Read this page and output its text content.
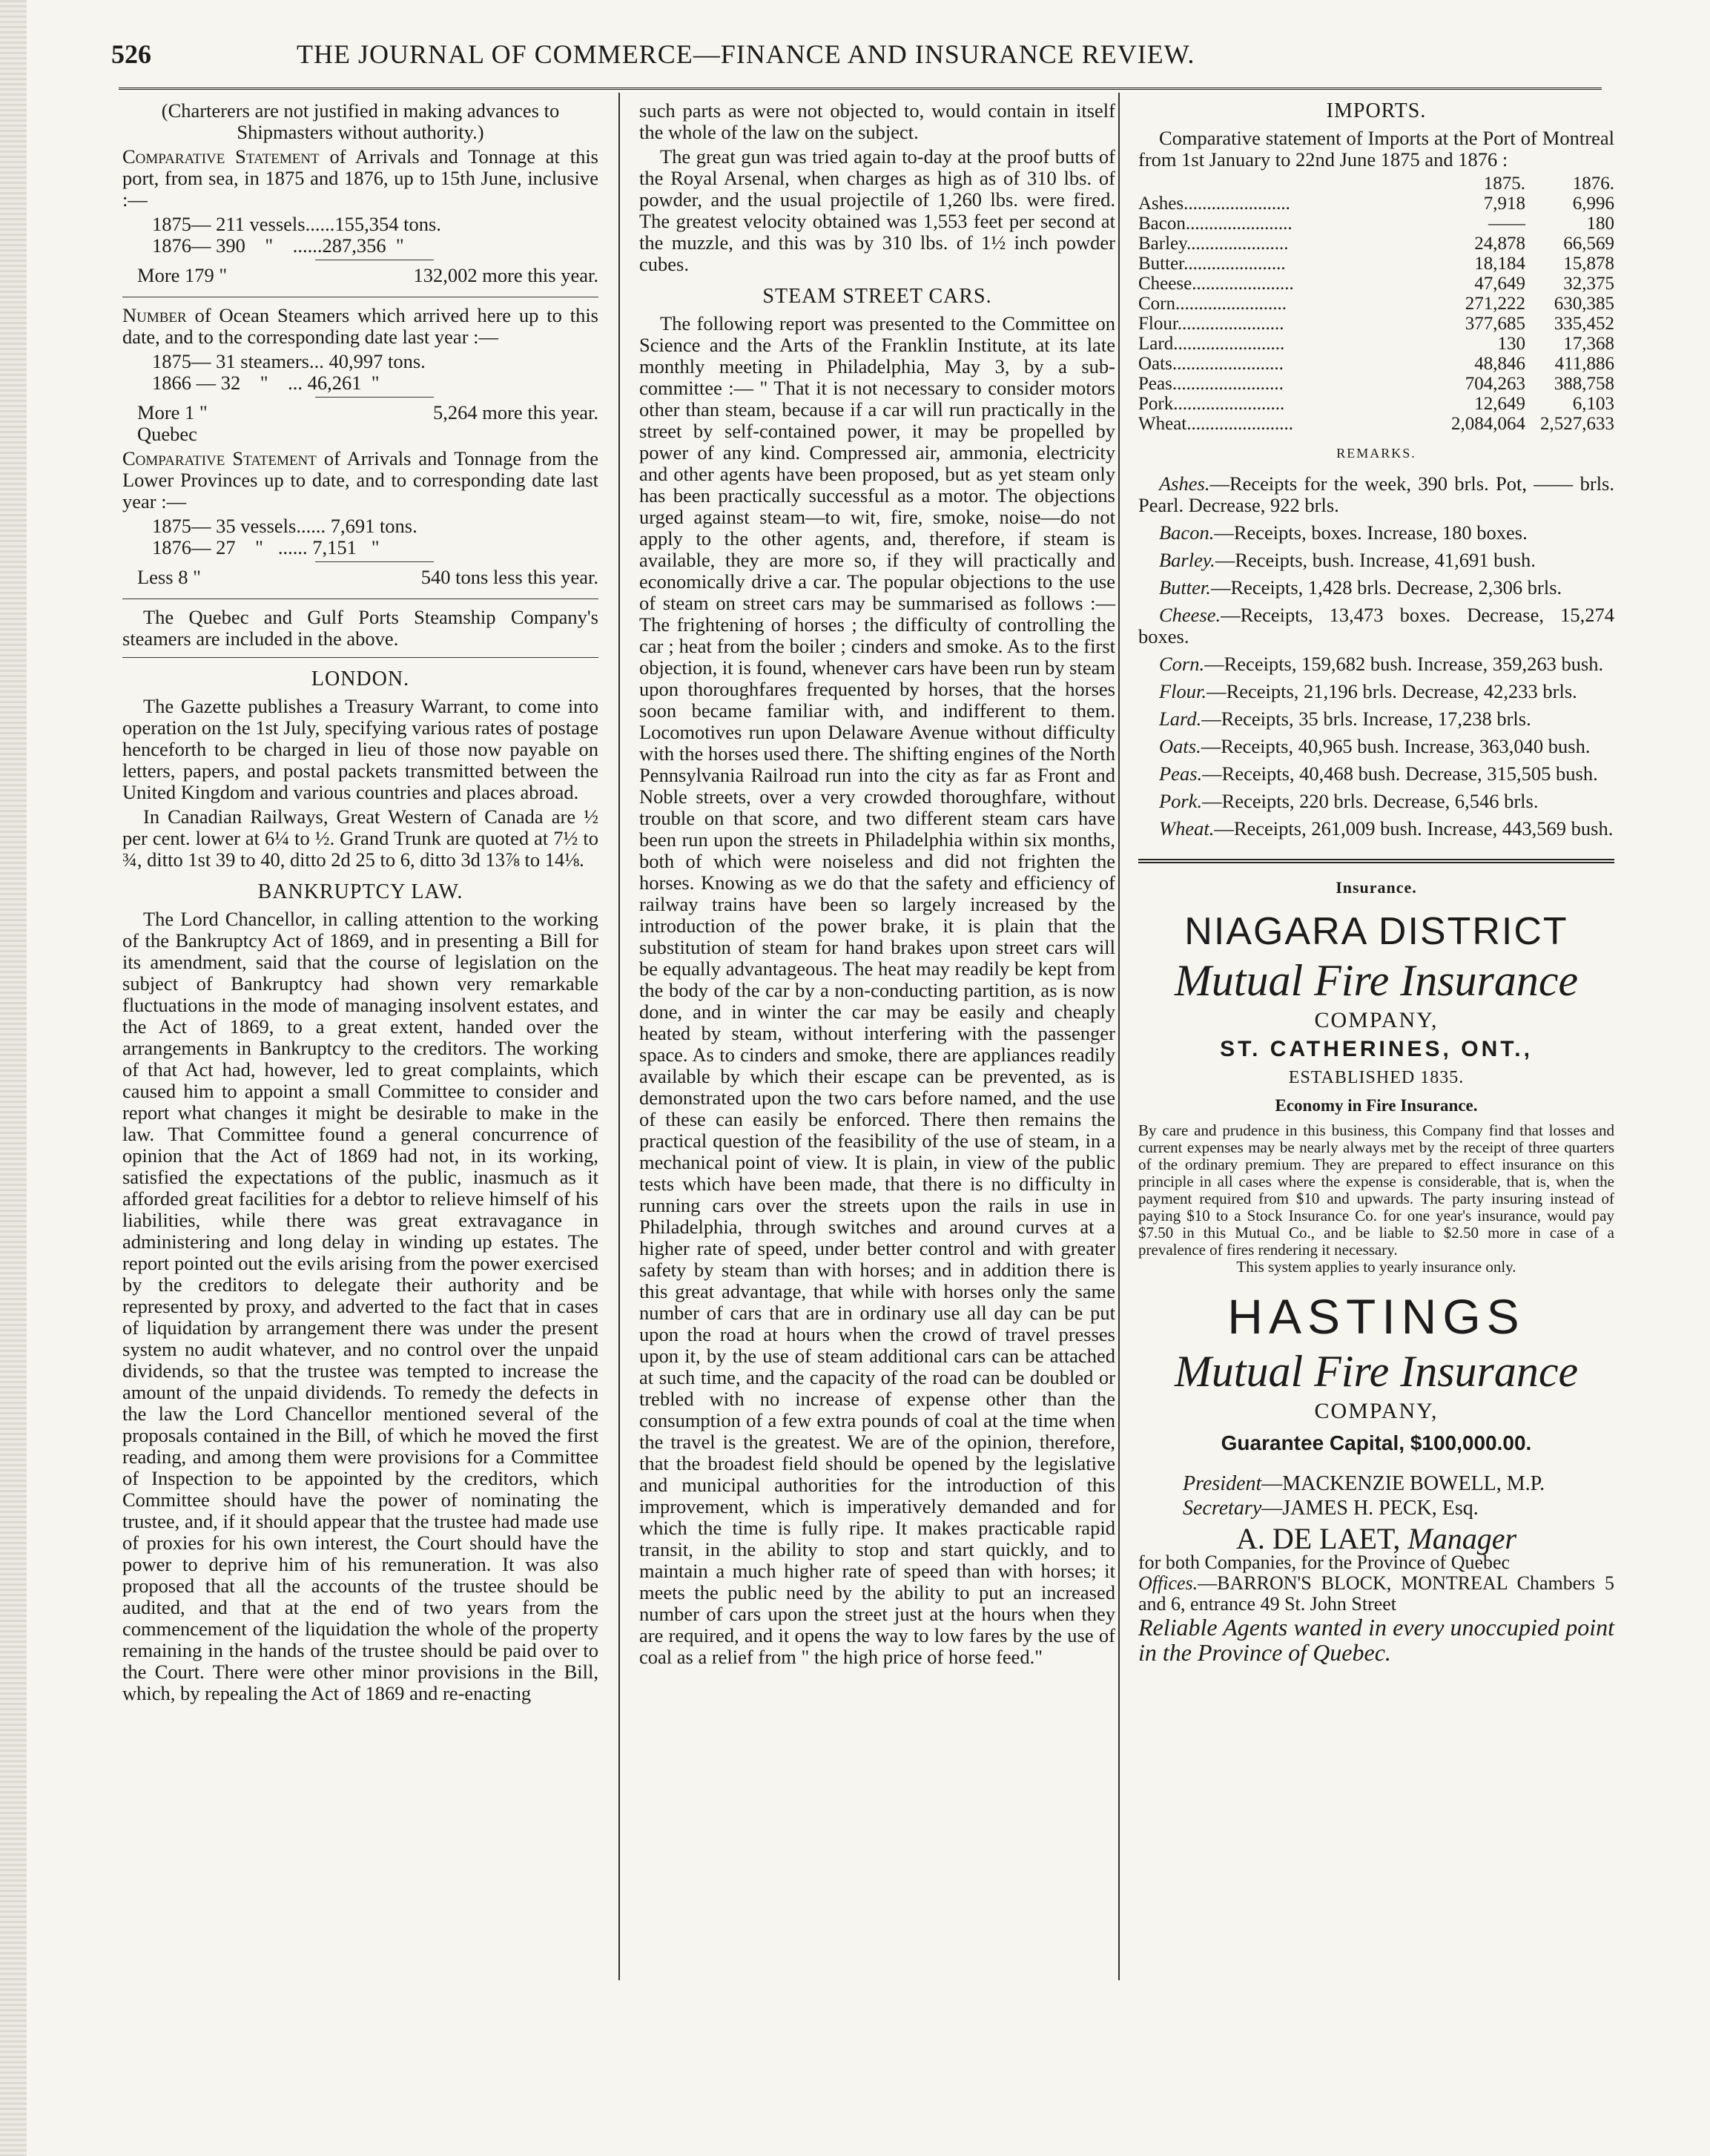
526	THE JOURNAL OF COMMERCE—FINANCE AND INSURANCE REVIEW.

(Charterers are not justified in making advances to Shipmasters without authority.)

Comparative Statement of Arrivals and Tonnage at this port, from sea, in 1875 and 1876, up to 15th June, inclusive :—

1875— 211 vessels......155,354 tons.
1876— 390    "    ......287,356  "
More 179 "	132,002 more this year.

Number of Ocean Steamers which arrived here up to this date, and to the corresponding date last year :—

1875— 31 steamers... 40,997 tons.
1866 — 32    "    ... 46,261  "
More 1 "	5,264 more this year.

Quebec

Comparative Statement of Arrivals and Tonnage from the Lower Provinces up to date, and to corresponding date last year :—

1875— 35 vessels...... 7,691 tons.
1876— 27    "   ...... 7,151   "
Less 8 "	540 tons less this year.

The Quebec and Gulf Ports Steamship Company's steamers are included in the above.

LONDON.

The Gazette publishes a Treasury Warrant, to come into operation on the 1st July, specifying various rates of postage henceforth to be charged in lieu of those now payable on letters, papers, and postal packets transmitted between the United Kingdom and various countries and places abroad.

In Canadian Railways, Great Western of Canada are ½ per cent. lower at 6¼ to ½. Grand Trunk are quoted at 7½ to ¾, ditto 1st 39 to 40, ditto 2d 25 to 6, ditto 3d 13⅞ to 14⅛.

BANKRUPTCY LAW.

The Lord Chancellor, in calling attention to the working of the Bankruptcy Act of 1869, and in presenting a Bill for its amendment, said that the course of legislation on the subject of Bankruptcy had shown very remarkable fluctuations in the mode of managing insolvent estates, and the Act of 1869, to a great extent, handed over the arrangements in Bankruptcy to the creditors. The working of that Act had, however, led to great complaints, which caused him to appoint a small Committee to consider and report what changes it might be desirable to make in the law. That Committee found a general concurrence of opinion that the Act of 1869 had not, in its working, satisfied the expectations of the public, inasmuch as it afforded great facilities for a debtor to relieve himself of his liabilities, while there was great extravagance in administering and long delay in winding up estates. The report pointed out the evils arising from the power exercised by the creditors to delegate their authority and be represented by proxy, and adverted to the fact that in cases of liquidation by arrangement there was under the present system no audit whatever, and no control over the unpaid dividends, so that the trustee was tempted to increase the amount of the unpaid dividends. To remedy the defects in the law the Lord Chancellor mentioned several of the proposals contained in the Bill, of which he moved the first reading, and among them were provisions for a Committee of Inspection to be appointed by the creditors, which Committee should have the power of nominating the trustee, and, if it should appear that the trustee had made use of proxies for his own interest, the Court should have the power to deprive him of his remuneration. It was also proposed that all the accounts of the trustee should be audited, and that at the end of two years from the commencement of the liquidation the whole of the property remaining in the hands of the trustee should be paid over to the Court. There were other minor provisions in the Bill, which, by repealing the Act of 1869 and re-enacting

such parts as were not objected to, would contain in itself the whole of the law on the subject.

The great gun was tried again to-day at the proof butts of the Royal Arsenal, when charges as high as of 310 lbs. of powder, and the usual projectile of 1,260 lbs. were fired. The greatest velocity obtained was 1,553 feet per second at the muzzle, and this was by 310 lbs. of 1½ inch powder cubes.

STEAM STREET CARS.

The following report was presented to the Committee on Science and the Arts of the Franklin Institute, at its late monthly meeting in Philadelphia, May 3, by a sub-committee :— " That it is not necessary to consider motors other than steam, because if a car will run practically in the street by self-contained power, it may be propelled by power of any kind. Compressed air, ammonia, electricity and other agents have been proposed, but as yet steam only has been practically successful as a motor. The objections urged against steam—to wit, fire, smoke, noise—do not apply to the other agents, and, therefore, if steam is available, they are more so, if they will practically and economically drive a car. The popular objections to the use of steam on street cars may be summarised as follows :—The frightening of horses ; the difficulty of controlling the car ; heat from the boiler ; cinders and smoke. As to the first objection, it is found, whenever cars have been run by steam upon thoroughfares frequented by horses, that the horses soon became familiar with, and indifferent to them. Locomotives run upon Delaware Avenue without difficulty with the horses used there. The shifting engines of the North Pennsylvania Railroad run into the city as far as Front and Noble streets, over a very crowded thoroughfare, without trouble on that score, and two different steam cars have been run upon the streets in Philadelphia within six months, both of which were noiseless and did not frighten the horses. Knowing as we do that the safety and efficiency of railway trains have been so largely increased by the introduction of the power brake, it is plain that the substitution of steam for hand brakes upon street cars will be equally advantageous. The heat may readily be kept from the body of the car by a non-conducting partition, as is now done, and in winter the car may be easily and cheaply heated by steam, without interfering with the passenger space. As to cinders and smoke, there are appliances readily available by which their escape can be prevented, as is demonstrated upon the two cars before named, and the use of these can easily be enforced. There then remains the practical question of the feasibility of the use of steam, in a mechanical point of view. It is plain, in view of the public tests which have been made, that there is no difficulty in running cars over the streets upon the rails in use in Philadelphia, through switches and around curves at a higher rate of speed, under better control and with greater safety by steam than with horses; and in addition there is this great advantage, that while with horses only the same number of cars that are in ordinary use all day can be put upon the road at hours when the crowd of travel presses upon it, by the use of steam additional cars can be attached at such time, and the capacity of the road can be doubled or trebled with no increase of expense other than the consumption of a few extra pounds of coal at the time when the travel is the greatest. We are of the opinion, therefore, that the broadest field should be opened by the legislative and municipal authorities for the introduction of this improvement, which is imperatively demanded and for which the time is fully ripe. It makes practicable rapid transit, in the ability to stop and start quickly, and to maintain a much higher rate of speed than with horses; it meets the public need by the ability to put an increased number of cars upon the street just at the hours when they are required, and it opens the way to low fares by the use of coal as a relief from " the high price of horse feed."

IMPORTS.

Comparative statement of Imports at the Port of Montreal from 1st January to 22nd June 1875 and 1876 :

	1875.	1876.
Ashes.......................	7,918	6,996
Bacon.......................	——	180
Barley......................	24,878	66,569
Butter......................	18,184	15,878
Cheese......................	47,649	32,375
Corn........................	271,222	630,385
Flour.......................	377,685	335,452
Lard........................	130	17,368
Oats........................	48,846	411,886
Peas........................	704,263	388,758
Pork........................	12,649	6,103
Wheat.......................	2,084,064	2,527,633
REMARKS.

Ashes.—Receipts for the week, 390 brls. Pot, —— brls. Pearl. Decrease, 922 brls.

Bacon.—Receipts, boxes. Increase, 180 boxes.

Barley.—Receipts, bush. Increase, 41,691 bush.

Butter.—Receipts, 1,428 brls. Decrease, 2,306 brls.

Cheese.—Receipts, 13,473 boxes. Decrease, 15,274 boxes.

Corn.—Receipts, 159,682 bush. Increase, 359,263 bush.

Flour.—Receipts, 21,196 brls. Decrease, 42,233 brls.

Lard.—Receipts, 35 brls. Increase, 17,238 brls.

Oats.—Receipts, 40,965 bush. Increase, 363,040 bush.

Peas.—Receipts, 40,468 bush. Decrease, 315,505 bush.

Pork.—Receipts, 220 brls. Decrease, 6,546 brls.

Wheat.—Receipts, 261,009 bush. Increase, 443,569 bush.

Insurance.
NIAGARA DISTRICT
Mutual Fire Insurance
COMPANY,
ST. CATHERINES, ONT.,
ESTABLISHED 1835.
Economy in Fire Insurance.
By care and prudence in this business, this Company find that losses and current expenses may be nearly always met by the receipt of three quarters of the ordinary premium. They are prepared to effect insurance on this principle in all cases where the expense is considerable, that is, when the payment required from $10 and upwards. The party insuring instead of paying $10 to a Stock Insurance Co. for one year's insurance, would pay $7.50 in this Mutual Co., and be liable to $2.50 more in case of a prevalence of fires rendering it necessary.
This system applies to yearly insurance only.
HASTINGS
Mutual Fire Insurance
COMPANY,
Guarantee Capital, $100,000.00.
President—MACKENZIE BOWELL, M.P.
Secretary—JAMES H. PECK, Esq.
A. DE LAET, Manager
for both Companies, for the Province of Quebec
Offices.—BARRON'S BLOCK, MONTREAL Chambers 5 and 6, entrance 49 St. John Street
Reliable Agents wanted in every unoccupied point in the Province of Quebec.
